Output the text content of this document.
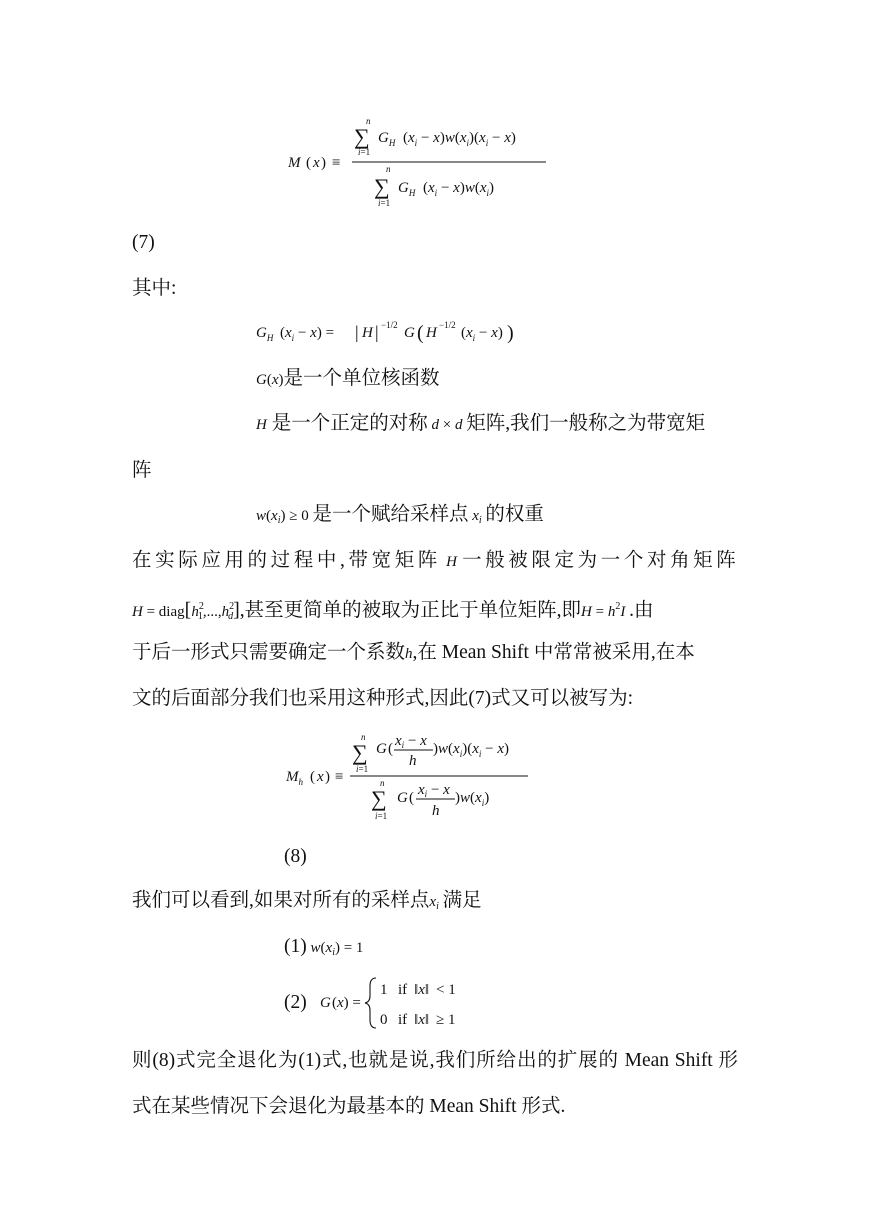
M ( x ) ≡
n
∑
i=1
$G_H$ $(x_i - x)w(x_i)(x_i - x)$
n
∑
i=1
$G_H$ $(x_i - x)w(x_i)$
(7)
其中:
$G_H$ $(x_i - x)$ = | H | −1/2 G ( H −1/2 $(x_i - x)$ )
G(x)是一个单位核函数
H 是一个正定的对称 d × d 矩阵,我们一般称之为带宽矩
阵
$w(x_i) \ge 0$ 是一个赋给采样点 $x_i$ 的权重
在实际应用的过程中,带宽矩阵 H 一般被限定为一个对角矩阵
$H = diag[h^2_1,...,h^2_d]$,甚至更简单的被取为正比于单位矩阵,即$H = h^2I$ .由
于后一形式只需要确定一个系数h,在 Mean Shift 中常常被采用,在本
文的后面部分我们也采用这种形式,因此(7)式又可以被写为:
$M_h$ ( x ) ≡
n
∑
i=1
G ( $x_i - x$
h
)$w(x_i)(x_i - x)$
n
∑
i=1
G ( $x_i - x$
h
)$w(x_i)$
(8)
我们可以看到,如果对所有的采样点$x_i$ 满足
(1) $w(x_i) = 1$
(2) G (x) =
1 if ‖x‖ < 1
0 if ‖x‖ ≥ 1
则(8)式完全退化为(1)式,也就是说,我们所给出的扩展的 Mean Shift 形
式在某些情况下会退化为最基本的 Mean Shift 形式.
